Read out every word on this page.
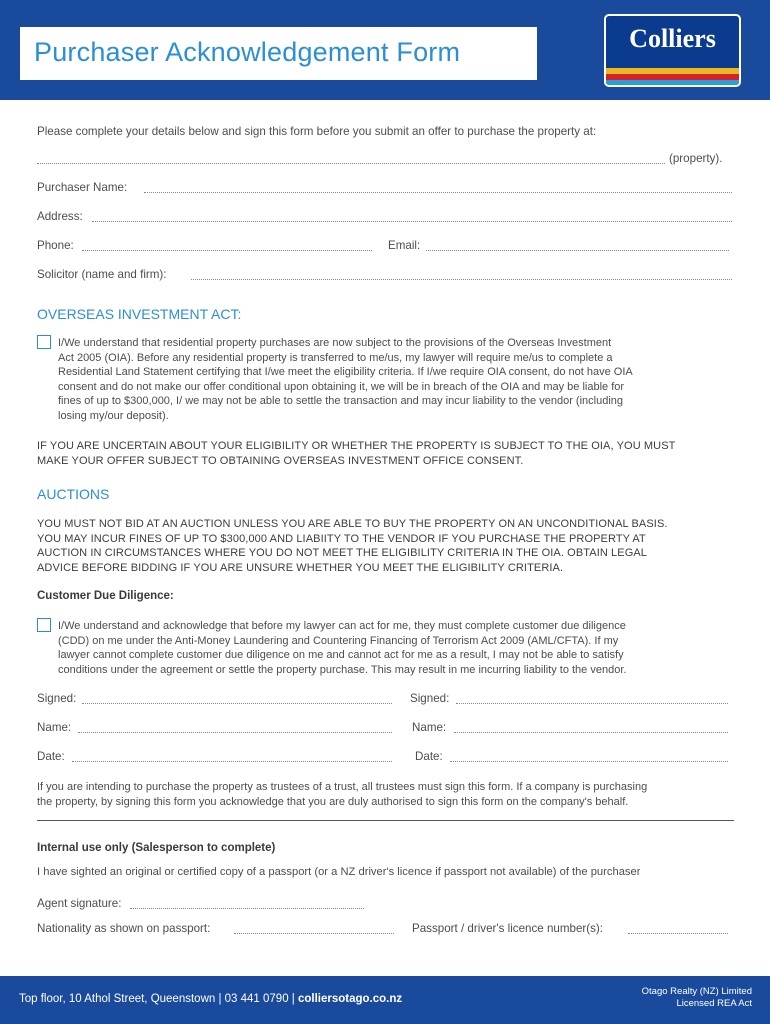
Purchaser Acknowledgement Form	Colliers
Please complete your details below and sign this form before you submit an offer to purchase the property at:
(property).
Purchaser Name:
Address:
Phone:	Email:
Solicitor (name and firm):
OVERSEAS INVESTMENT ACT:
I/We understand that residential property purchases are now subject to the provisions of the Overseas Investment
Act 2005 (OIA). Before any residential property is transferred to me/us, my lawyer will require me/us to complete a
Residential Land Statement certifying that I/we meet the eligibility criteria. If I/we require OIA consent, do not have OIA
consent and do not make our offer conditional upon obtaining it, we will be in breach of the OIA and may be liable for
fines of up to $300,000, I/ we may not be able to settle the transaction and may incur liability to the vendor (including
losing my/our deposit).
IF YOU ARE UNCERTAIN ABOUT YOUR ELIGIBILITY OR WHETHER THE PROPERTY IS SUBJECT TO THE OIA, YOU MUST
MAKE YOUR OFFER SUBJECT TO OBTAINING OVERSEAS INVESTMENT OFFICE CONSENT.
AUCTIONS
YOU MUST NOT BID AT AN AUCTION UNLESS YOU ARE ABLE TO BUY THE PROPERTY ON AN UNCONDITIONAL BASIS.
YOU MAY INCUR FINES OF UP TO $300,000 AND LIABIITY TO THE VENDOR IF YOU PURCHASE THE PROPERTY AT
AUCTION IN CIRCUMSTANCES WHERE YOU DO NOT MEET THE ELIGIBILITY CRITERIA IN THE OIA. OBTAIN LEGAL
ADVICE BEFORE BIDDING IF YOU ARE UNSURE WHETHER YOU MEET THE ELIGIBILITY CRITERIA.
Customer Due Diligence:
I/We understand and acknowledge that before my lawyer can act for me, they must complete customer due diligence
(CDD) on me under the Anti-Money Laundering and Countering Financing of Terrorism Act 2009 (AML/CFTA). If my
lawyer cannot complete customer due diligence on me and cannot act for me as a result, I may not be able to satisfy
conditions under the agreement or settle the property purchase. This may result in me incurring liability to the vendor.
Signed:	Signed:
Name:	Name:
Date:	Date:
If you are intending to purchase the property as trustees of a trust, all trustees must sign this form. If a company is purchasing
the property, by signing this form you acknowledge that you are duly authorised to sign this form on the company's behalf.
Internal use only (Salesperson to complete)
I have sighted an original or certified copy of a passport (or a NZ driver's licence if passport not available) of the purchaser
Agent signature:
Nationality as shown on passport:	Passport / driver's licence number(s):
Top floor, 10 Athol Street, Queenstown | 03 441 0790 | colliersotago.co.nz
Otago Realty (NZ) Limited
Licensed REA Act
